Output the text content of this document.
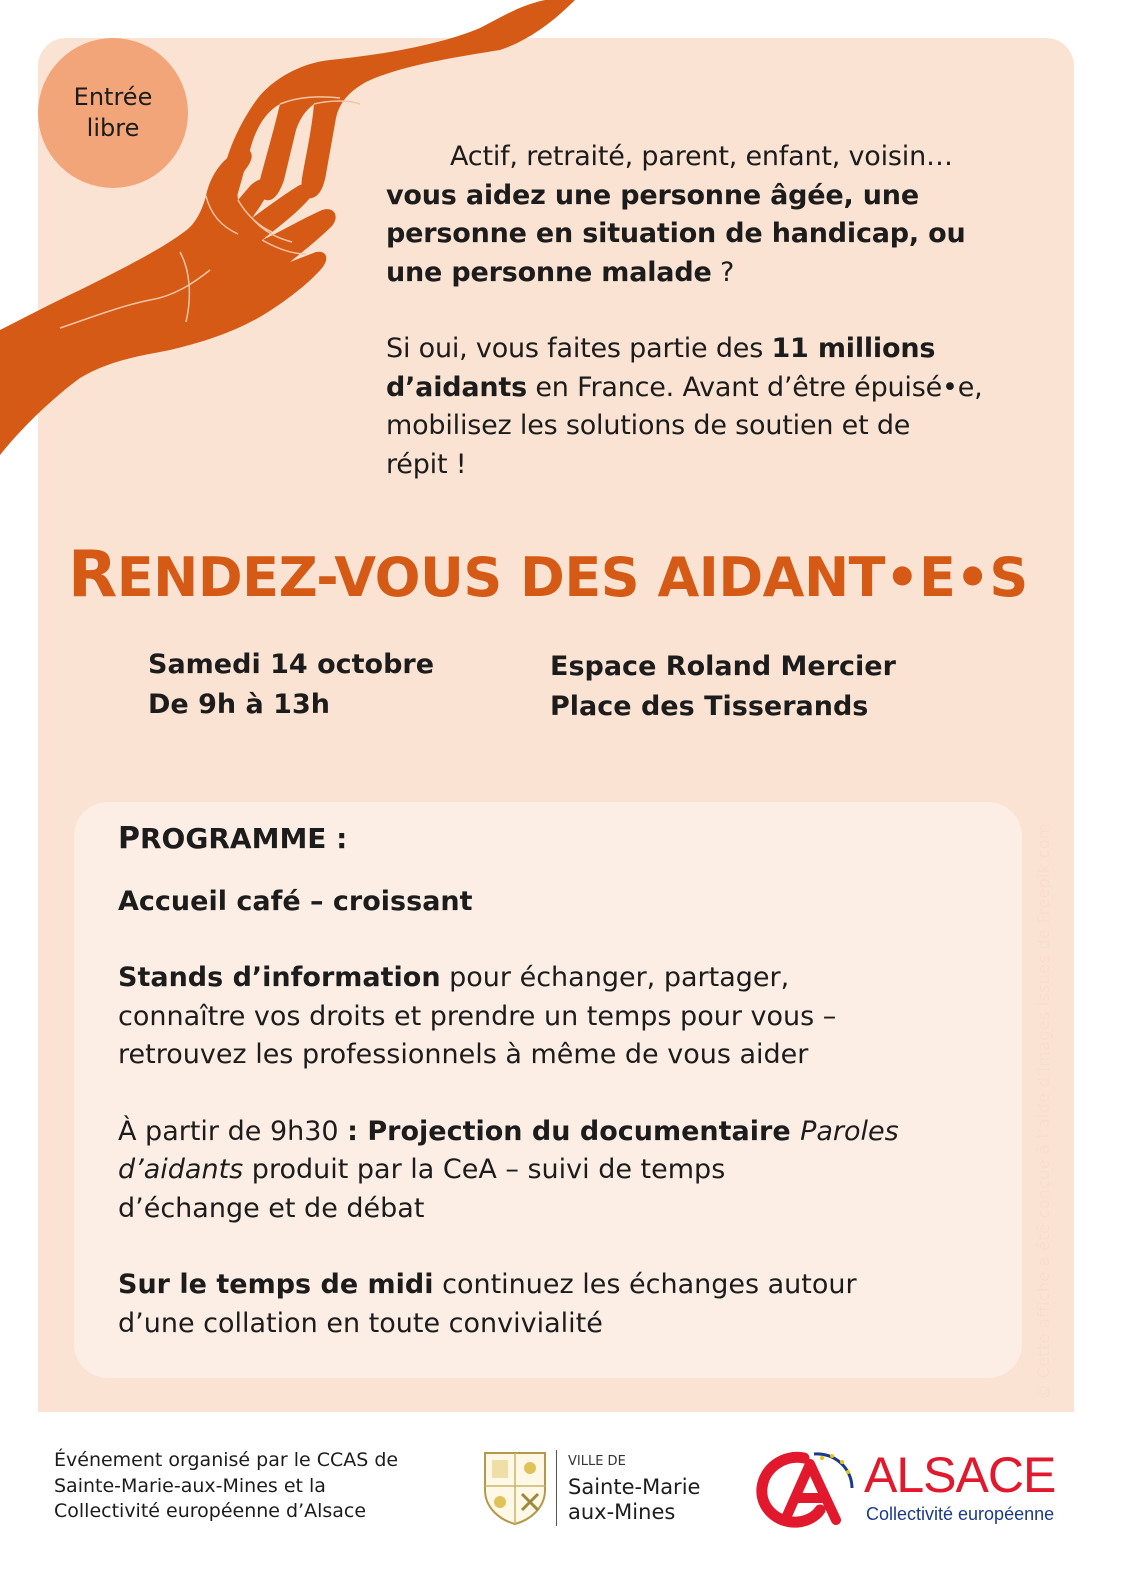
Entrée
libre

Actif, retraité, parent, enfant, voisin…

vous aidez une personne âgée, une

personne en situation de handicap, ou

une personne malade ?

Si oui, vous faites partie des 11 millions

d’aidants en France. Avant d’être épuisé•e,

mobilisez les solutions de soutien et de

répit !

RENDEZ-VOUS DES AIDANT•E•S
Samedi 14 octobre
De 9h à 13h
Espace Roland Mercier
Place des Tisserands

PROGRAMME :

Accueil café – croissant

Stands d’information pour échanger, partager,

connaître vos droits et prendre un temps pour vous –

retrouvez les professionnels à même de vous aider

À partir de 9h30 : Projection du documentaire Paroles

d’aidants produit par la CeA – suivi de temps

d’échange et de débat

Sur le temps de midi continuez les échanges autour

d’une collation en toute convivialité	© Cette affiche a été conçue à l’aide d’images issues de Freepik.com
Événement organisé par le CCAS de
Sainte-Marie-aux-Mines et la
Collectivité européenne d’Alsace
VILLE DE
Sainte-Marie
aux-Mines
ALSACE
Collectivité européenne
